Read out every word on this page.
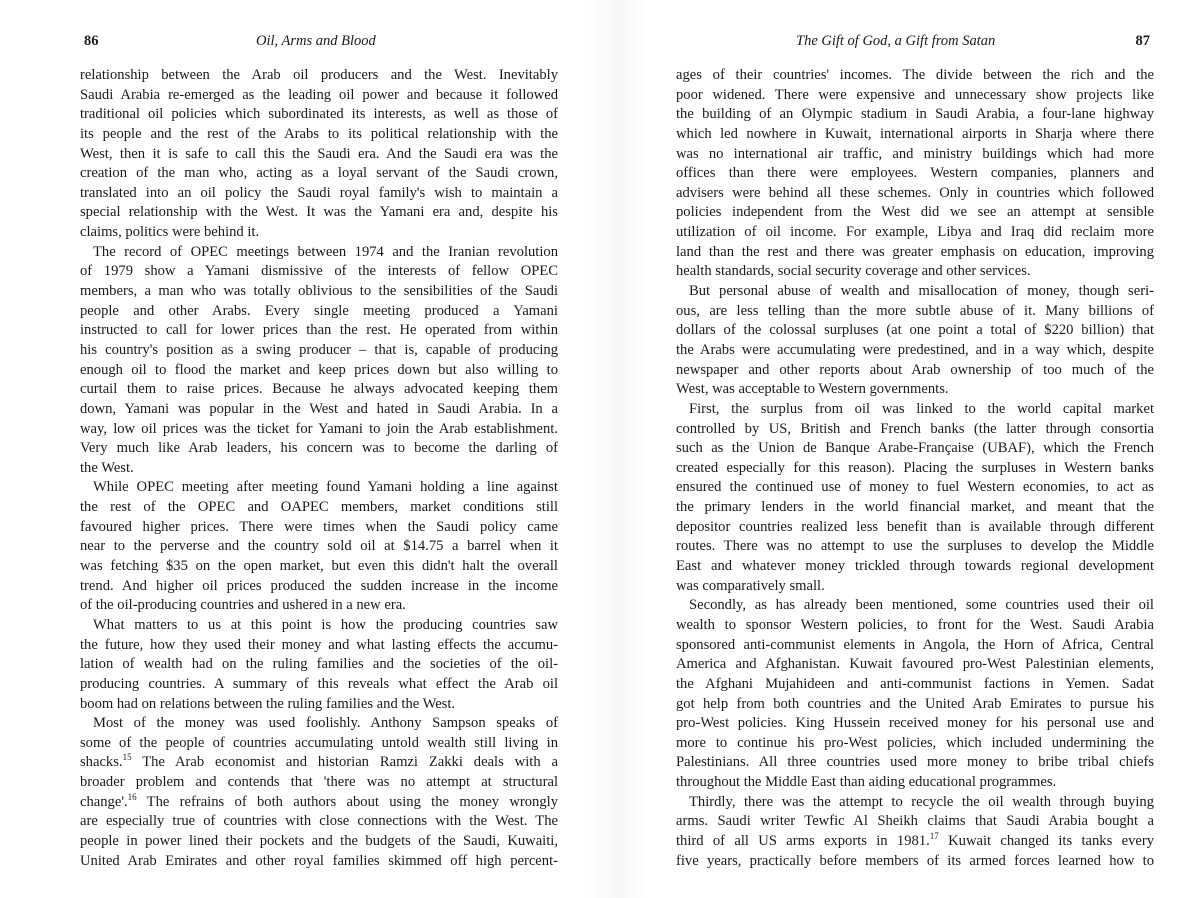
86	Oil, Arms and Blood
relationship between the Arab oil producers and the West. Inevitably
Saudi Arabia re-emerged as the leading oil power and because it followed
traditional oil policies which subordinated its interests, as well as those of
its people and the rest of the Arabs to its political relationship with the
West, then it is safe to call this the Saudi era. And the Saudi era was the
creation of the man who, acting as a loyal servant of the Saudi crown,
translated into an oil policy the Saudi royal family's wish to maintain a
special relationship with the West. It was the Yamani era and, despite his
claims, politics were behind it.
The record of OPEC meetings between 1974 and the Iranian revolution
of 1979 show a Yamani dismissive of the interests of fellow OPEC
members, a man who was totally oblivious to the sensibilities of the Saudi
people and other Arabs. Every single meeting produced a Yamani
instructed to call for lower prices than the rest. He operated from within
his country's position as a swing producer – that is, capable of producing
enough oil to flood the market and keep prices down but also willing to
curtail them to raise prices. Because he always advocated keeping them
down, Yamani was popular in the West and hated in Saudi Arabia. In a
way, low oil prices was the ticket for Yamani to join the Arab establishment.
Very much like Arab leaders, his concern was to become the darling of
the West.
While OPEC meeting after meeting found Yamani holding a line against
the rest of the OPEC and OAPEC members, market conditions still
favoured higher prices. There were times when the Saudi policy came
near to the perverse and the country sold oil at $14.75 a barrel when it
was fetching $35 on the open market, but even this didn't halt the overall
trend. And higher oil prices produced the sudden increase in the income
of the oil-producing countries and ushered in a new era.
What matters to us at this point is how the producing countries saw
the future, how they used their money and what lasting effects the accumu-
lation of wealth had on the ruling families and the societies of the oil-
producing countries. A summary of this reveals what effect the Arab oil
boom had on relations between the ruling families and the West.
Most of the money was used foolishly. Anthony Sampson speaks of
some of the people of countries accumulating untold wealth still living in
shacks.$^{15}$ The Arab economist and historian Ramzi Zakki deals with a
broader problem and contends that 'there was no attempt at structural
change'.$^{16}$ The refrains of both authors about using the money wrongly
are especially true of countries with close connections with the West. The
people in power lined their pockets and the budgets of the Saudi, Kuwaiti,
United Arab Emirates and other royal families skimmed off high percent-
The Gift of God, a Gift from Satan	87
ages of their countries' incomes. The divide between the rich and the
poor widened. There were expensive and unnecessary show projects like
the building of an Olympic stadium in Saudi Arabia, a four-lane highway
which led nowhere in Kuwait, international airports in Sharja where there
was no international air traffic, and ministry buildings which had more
offices than there were employees. Western companies, planners and
advisers were behind all these schemes. Only in countries which followed
policies independent from the West did we see an attempt at sensible
utilization of oil income. For example, Libya and Iraq did reclaim more
land than the rest and there was greater emphasis on education, improving
health standards, social security coverage and other services.
But personal abuse of wealth and misallocation of money, though seri-
ous, are less telling than the more subtle abuse of it. Many billions of
dollars of the colossal surpluses (at one point a total of $220 billion) that
the Arabs were accumulating were predestined, and in a way which, despite
newspaper and other reports about Arab ownership of too much of the
West, was acceptable to Western governments.
First, the surplus from oil was linked to the world capital market
controlled by US, British and French banks (the latter through consortia
such as the Union de Banque Arabe-Française (UBAF), which the French
created especially for this reason). Placing the surpluses in Western banks
ensured the continued use of money to fuel Western economies, to act as
the primary lenders in the world financial market, and meant that the
depositor countries realized less benefit than is available through different
routes. There was no attempt to use the surpluses to develop the Middle
East and whatever money trickled through towards regional development
was comparatively small.
Secondly, as has already been mentioned, some countries used their oil
wealth to sponsor Western policies, to front for the West. Saudi Arabia
sponsored anti-communist elements in Angola, the Horn of Africa, Central
America and Afghanistan. Kuwait favoured pro-West Palestinian elements,
the Afghani Mujahideen and anti-communist factions in Yemen. Sadat
got help from both countries and the United Arab Emirates to pursue his
pro-West policies. King Hussein received money for his personal use and
more to continue his pro-West policies, which included undermining the
Palestinians. All three countries used more money to bribe tribal chiefs
throughout the Middle East than aiding educational programmes.
Thirdly, there was the attempt to recycle the oil wealth through buying
arms. Saudi writer Tewfic Al Sheikh claims that Saudi Arabia bought a
third of all US arms exports in 1981.17 Kuwait changed its tanks every
five years, practically before members of its armed forces learned how to
